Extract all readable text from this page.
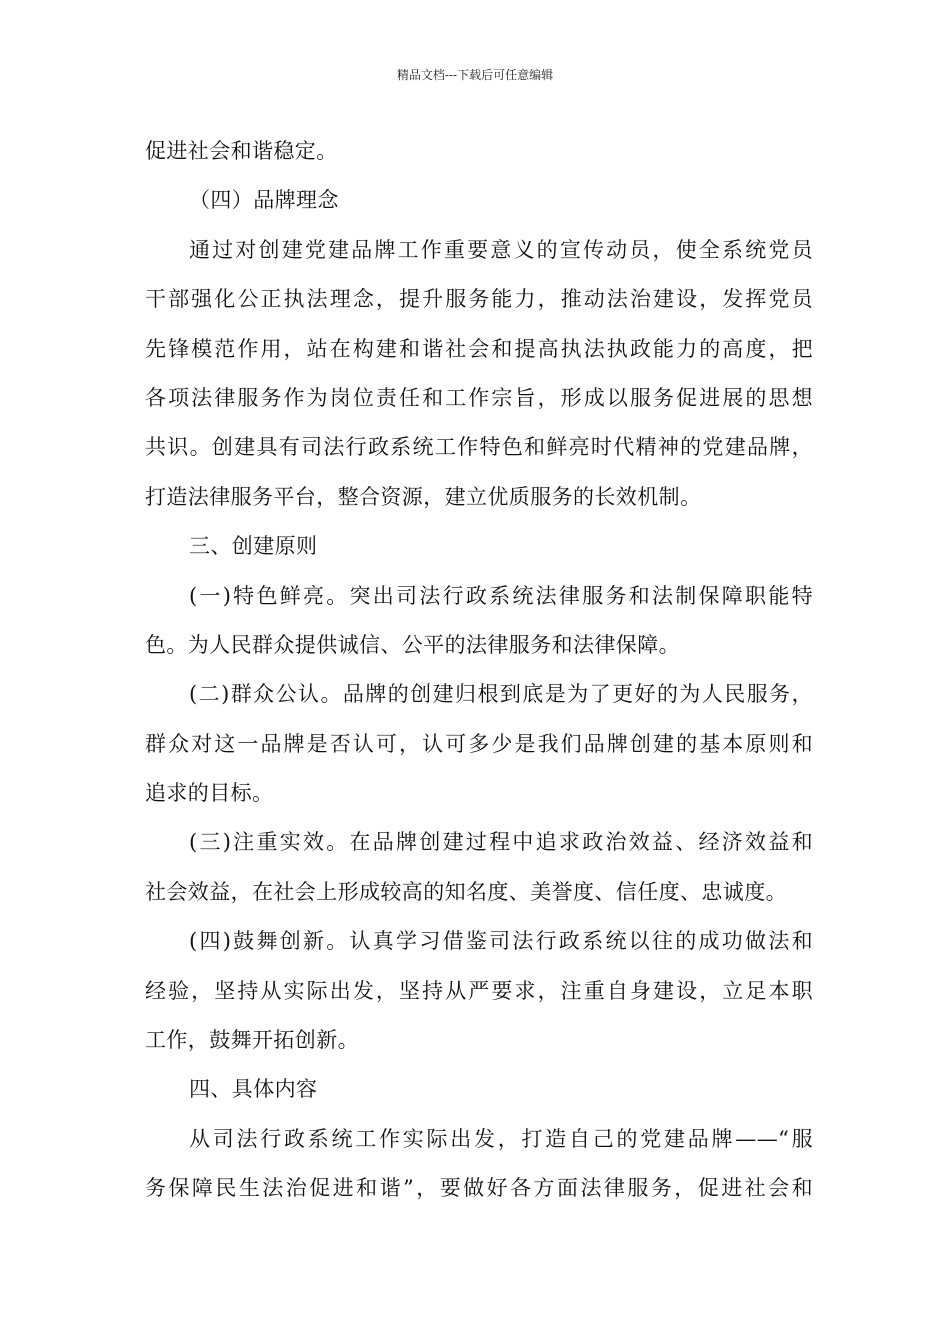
精品文档---下载后可任意编辑
促进社会和谐稳定。
（四）品牌理念
通过对创建党建品牌工作重要意义的宣传动员，使全系统党员
干部强化公正执法理念，提升服务能力，推动法治建设，发挥党员
先锋模范作用，站在构建和谐社会和提高执法执政能力的高度，把
各项法律服务作为岗位责任和工作宗旨，形成以服务促进展的思想
共识。创建具有司法行政系统工作特色和鲜亮时代精神的党建品牌，
打造法律服务平台，整合资源，建立优质服务的长效机制。
三、创建原则
(一)特色鲜亮。突出司法行政系统法律服务和法制保障职能特
色。为人民群众提供诚信、公平的法律服务和法律保障。
(二)群众公认。品牌的创建归根到底是为了更好的为人民服务，
群众对这一品牌是否认可，认可多少是我们品牌创建的基本原则和
追求的目标。
(三)注重实效。在品牌创建过程中追求政治效益、经济效益和
社会效益，在社会上形成较高的知名度、美誉度、信任度、忠诚度。
(四)鼓舞创新。认真学习借鉴司法行政系统以往的成功做法和
经验，坚持从实际出发，坚持从严要求，注重自身建设，立足本职
工作，鼓舞开拓创新。
四、具体内容
从司法行政系统工作实际出发，打造自己的党建品牌——“服
务保障民生法治促进和谐”，要做好各方面法律服务，促进社会和
